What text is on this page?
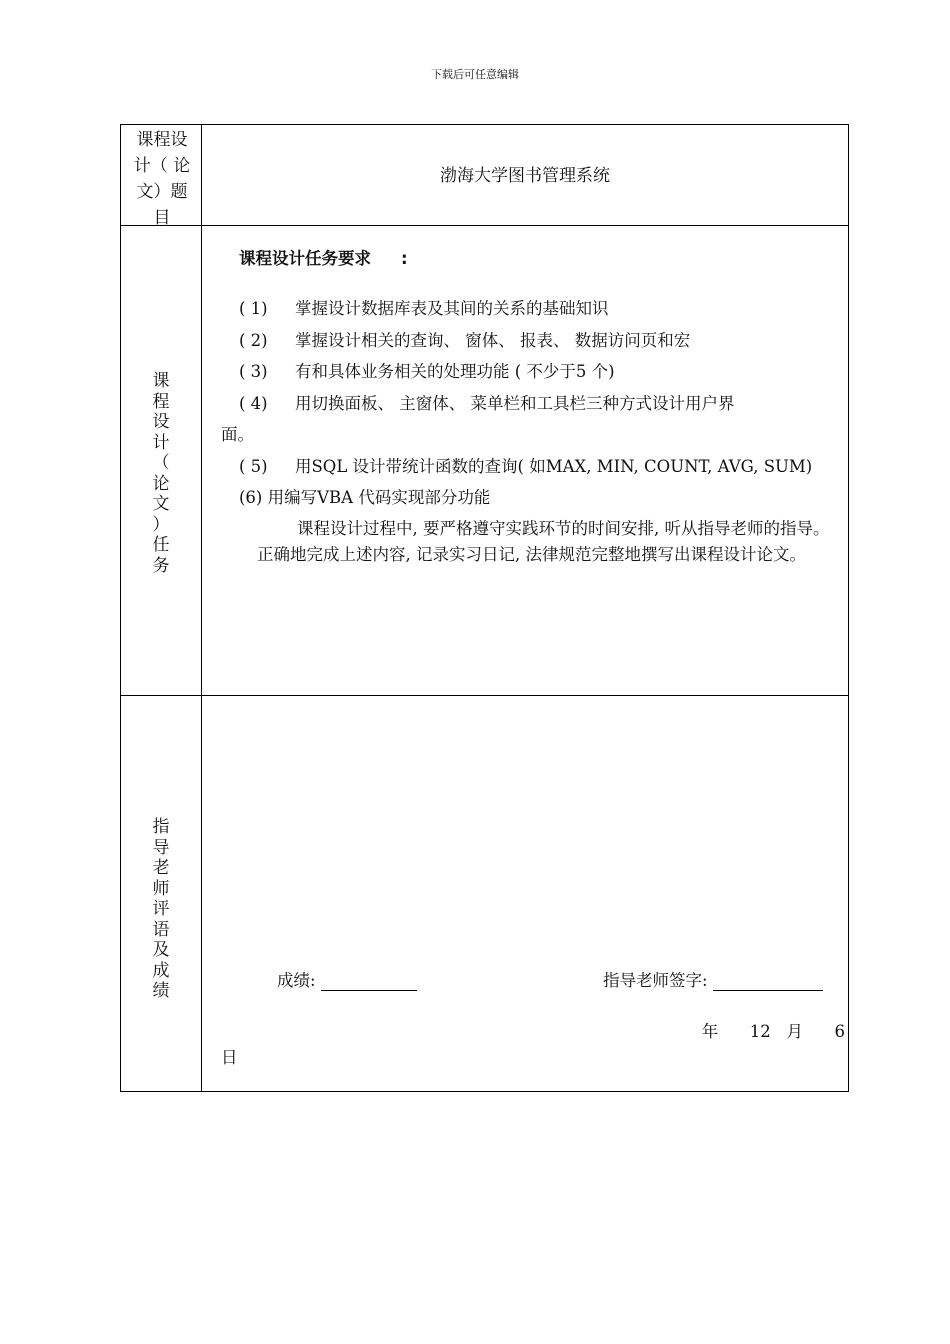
下载后可任意编辑
课程设
计（ 论
文）题
目
渤海大学图书管理系统
课
程
设
计
（
论
文
）
任
务
课程设计任务要求 :
( 1) 掌握设计数据库表及其间的关系的基础知识
( 2) 掌握设计相关的查询、 窗体、 报表、 数据访问页和宏
( 3) 有和具体业务相关的处理功能 ( 不少于5 个)
( 4) 用切换面板、 主窗体、 菜单栏和工具栏三种方式设计用户界
面。
( 5) 用SQL 设计带统计函数的查询( 如MAX, MIN, COUNT, AVG, SUM)
(6) 用编写VBA 代码实现部分功能
课程设计过程中, 要严格遵守实践环节的时间安排, 听从指导老师的指导。正确地完成上述内容, 记录实习日记, 法律规范完整地撰写出课程设计论文。
指
导
老
师
评
语
及
成
绩
成绩:	指导老师签字:
年 12 月 6
日
